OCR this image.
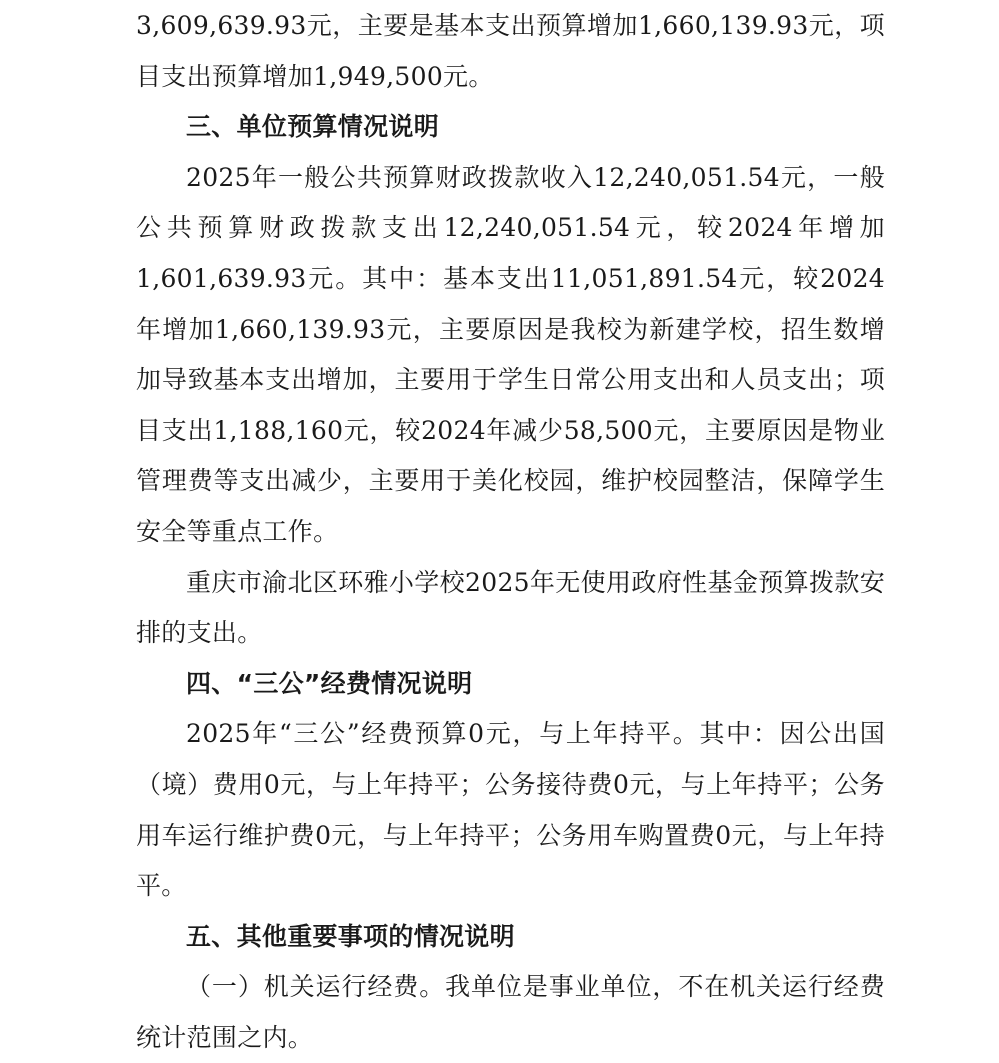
3,609,639.93元，主要是基本支出预算增加1,660,139.93元，项目支出预算增加1,949,500元。

三、单位预算情况说明

2025年一般公共预算财政拨款收入12,240,051.54元，一般公共预算财政拨款支出12,240,051.54元，较2024年增加1,601,639.93元。其中：基本支出11,051,891.54元，较2024年增加1,660,139.93元，主要原因是我校为新建学校，招生数增加导致基本支出增加，主要用于学生日常公用支出和人员支出；项目支出1,188,160元，较2024年减少58,500元，主要原因是物业管理费等支出减少，主要用于美化校园，维护校园整洁，保障学生安全等重点工作。

重庆市渝北区环雅小学校2025年无使用政府性基金预算拨款安排的支出。

四、“三公”经费情况说明

2025年“三公”经费预算0元，与上年持平。其中：因公出国（境）费用0元，与上年持平；公务接待费0元，与上年持平；公务用车运行维护费0元，与上年持平；公务用车购置费0元，与上年持平。

五、其他重要事项的情况说明

（一）机关运行经费。我单位是事业单位，不在机关运行经费统计范围之内。
